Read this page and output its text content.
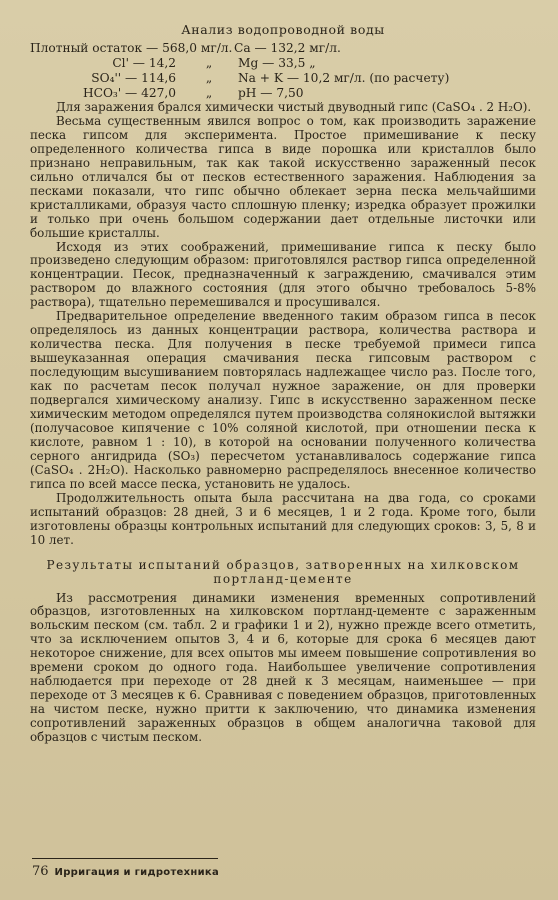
Анализ водопроводной воды
Плотный остаток — 568,0 мг/л. Ca — 132,2 мг/л.
Cl' — 14,2	„	Mg — 33,5 „
SO₄'' — 114,6	„	Na + K — 10,2 мг/л. (по расчету)
HCO₃' — 427,0	„	pH — 7,50

Для заражения брался химически чистый двуводный гипс (CaSO₄ . 2 H₂O).

Весьма существенным явился вопрос о том, как производить заражение песка гипсом для эксперимента. Простое примешивание к песку определенного количества гипса в виде порошка или кристаллов было признано неправильным, так как такой искусственно зараженный песок сильно отличался бы от песков естественного заражения. Наблюдения за песками показали, что гипс обычно облекает зерна песка мельчайшими кристалликами, образуя часто сплошную пленку; изредка образует прожилки и только при очень большом содержании дает отдельные листочки или большие кристаллы.

Исходя из этих соображений, примешивание гипса к песку было произведено следующим образом: приготовлялся раствор гипса определенной концентрации. Песок, предназначенный к заграждению, смачивался этим раствором до влажного состояния (для этого обычно требовалось 5-8% раствора), тщательно перемешивался и просушивался.

Предварительное определение введенного таким образом гипса в песок определялось из данных концентрации раствора, количества раствора и количества песка. Для получения в песке требуемой примеси гипса вышеуказанная операция смачивания песка гипсовым раствором с последующим высушиванием повторялась надлежащее число раз. После того, как по расчетам песок получал нужное заражение, он для проверки подвергался химическому анализу. Гипс в искусственно зараженном песке химическим методом определялся путем производства солянокислой вытяжки (получасовое кипячение с 10% соляной кислотой, при отношении песка к кислоте, равном 1 : 10), в которой на основании полученного количества серного ангидрида (SO₃) пересчетом устанавливалось содержание гипса (CaSO₄ . 2H₂O). Насколько равномерно распределялось внесенное количество гипса по всей массе песка, установить не удалось.

Продолжительность опыта была рассчитана на два года, со сроками испытаний образцов: 28 дней, 3 и 6 месяцев, 1 и 2 года. Кроме того, были изготовлены образцы контрольных испытаний для следующих сроков: 3, 5, 8 и 10 лет.

Результаты испытаний образцов, затворенных на хилковском портланд-цементе

Из рассмотрения динамики изменения временных сопротивлений образцов, изготовленных на хилковском портланд-цементе с зараженным вольским песком (см. табл. 2 и графики 1 и 2), нужно прежде всего отметить, что за исключением опытов 3, 4 и 6, которые для срока 6 месяцев дают некоторое снижение, для всех опытов мы имеем повышение сопротивления во времени сроком до одного года. Наибольшее увеличение сопротивления наблюдается при переходе от 28 дней к 3 месяцам, наименьшее — при переходе от 3 месяцев к 6. Сравнивая с поведением образцов, приготовленных на чистом песке, нужно притти к заключению, что динамика изменения сопротивлений зараженных образцов в общем аналогична таковой для образцов с чистым песком.

76 Ирригация и гидротехника
